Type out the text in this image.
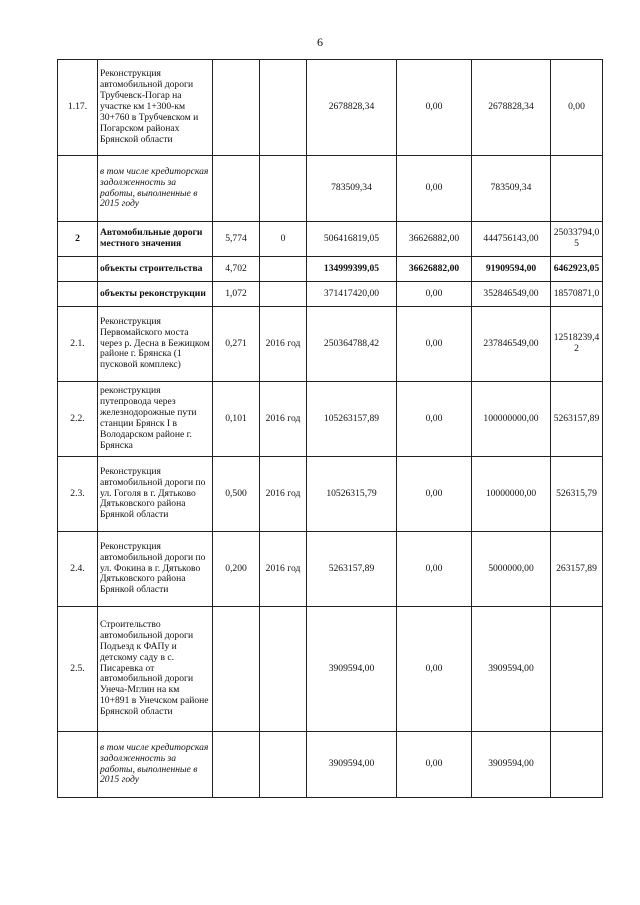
6
1.17.	Реконструкция автомобильной дороги Трубчевск-Погар на участке км 1+300-км 30+760 в Трубчевском и Погарском районах Брянской области			2678828,34	0,00	2678828,34	0,00
	в том числе кредиторская задолженность за работы, выполненные в 2015 году			783509,34	0,00	783509,34	
2	Автомобильные дороги местного значения	5,774	0	506416819,05	36626882,00	444756143,00	25033794,05
	объекты строительства	4,702		134999399,05	36626882,00	91909594,00	6462923,05
	объекты реконструкции	1,072		371417420,00	0,00	352846549,00	18570871,0
2.1.	Реконструкция Первомайского моста через р. Десна в Бежицком районе г. Брянска (1 пусковой комплекс)	0,271	2016 год	250364788,42	0,00	237846549,00	12518239,42
2.2.	реконструкция путепровода через железнодорожные пути станции Брянск I в Володарском районе г. Брянска	0,101	2016 год	105263157,89	0,00	100000000,00	5263157,89
2.3.	Реконструкция автомобильной дороги по ул. Гоголя в г. Дятьково Дятьковского района Брянкой области	0,500	2016 год	10526315,79	0,00	10000000,00	526315,79
2.4.	Реконструкция автомобильной дороги по ул. Фокина в г. Дятьково Дятьковского района Брянкой области	0,200	2016 год	5263157,89	0,00	5000000,00	263157,89
2.5.	Строительство автомобильной дороги Подъезд к ФАПу и детскому саду в с. Писаревка от автомобильной дороги Унеча-Мглин на км 10+891 в Унечском районе Брянской области			3909594,00	0,00	3909594,00	
	в том числе кредиторская задолженность за работы, выполненные в 2015 году			3909594,00	0,00	3909594,00	
